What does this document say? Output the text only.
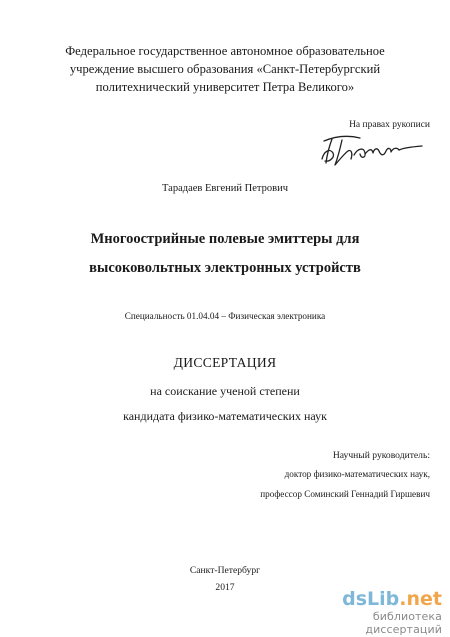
Федеральное государственное автономное образовательное
учреждение высшего образования «Санкт-Петербургский
политехнический университет Петра Великого»
На правах рукописи
Тарадаев Евгений Петрович
Многоострийные полевые эмиттеры для
высоковольтных электронных устройств
Специальность 01.04.04 – Физическая электроника
ДИССЕРТАЦИЯ
на соискание ученой степени
кандидата физико-математических наук
Научный руководитель:
доктор физико-математических наук,
профессор Соминский Геннадий Гиршевич
Санкт-Петербург
2017
dsLib.net
библиотека диссертаций
